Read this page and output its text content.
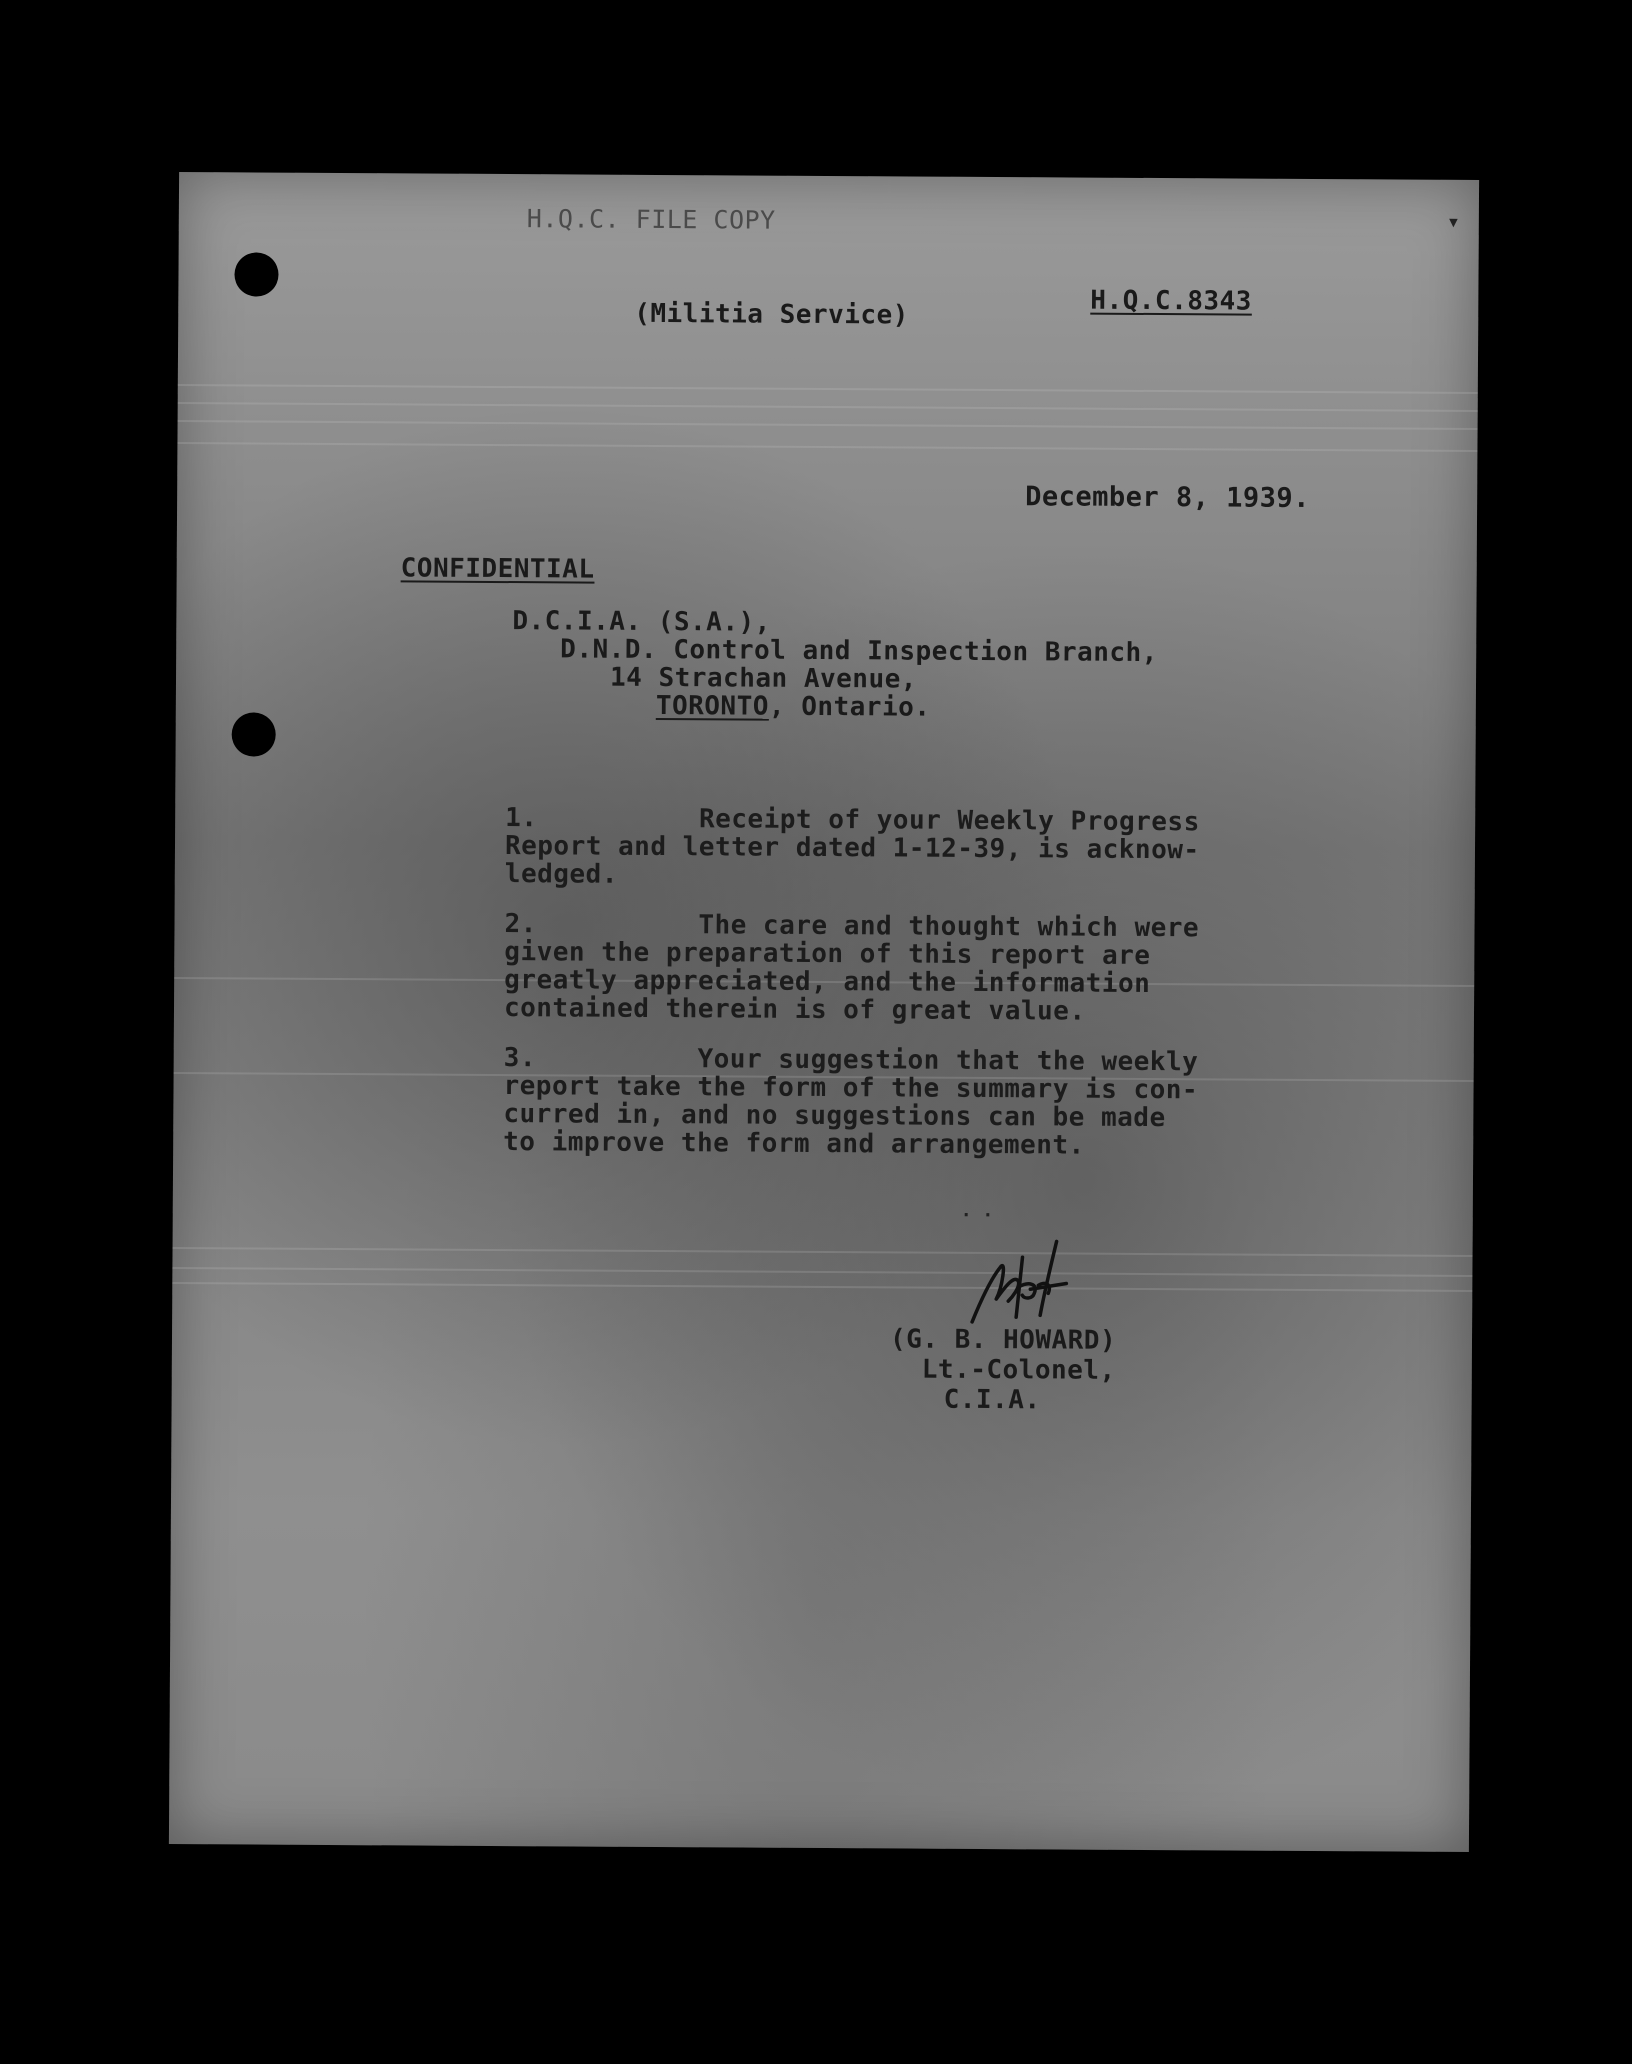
H.Q.C. FILE COPY	▾
(Militia Service)	H.Q.C.8343
December 8, 1939.
CONFIDENTIAL
D.C.I.A. (S.A.),
D.N.D. Control and Inspection Branch,
14 Strachan Avenue,
TORONTO, Ontario.
1.          Receipt of your Weekly Progress
Report and letter dated 1-12-39, is acknow-
ledged.
2.          The care and thought which were
given the preparation of this report are
greatly appreciated, and the information
contained therein is of great value.
3.          Your suggestion that the weekly
report take the form of the summary is con-
curred in, and no suggestions can be made
to improve the form and arrangement.
· ·
(G. B. HOWARD)
Lt.-Colonel,
C.I.A.
